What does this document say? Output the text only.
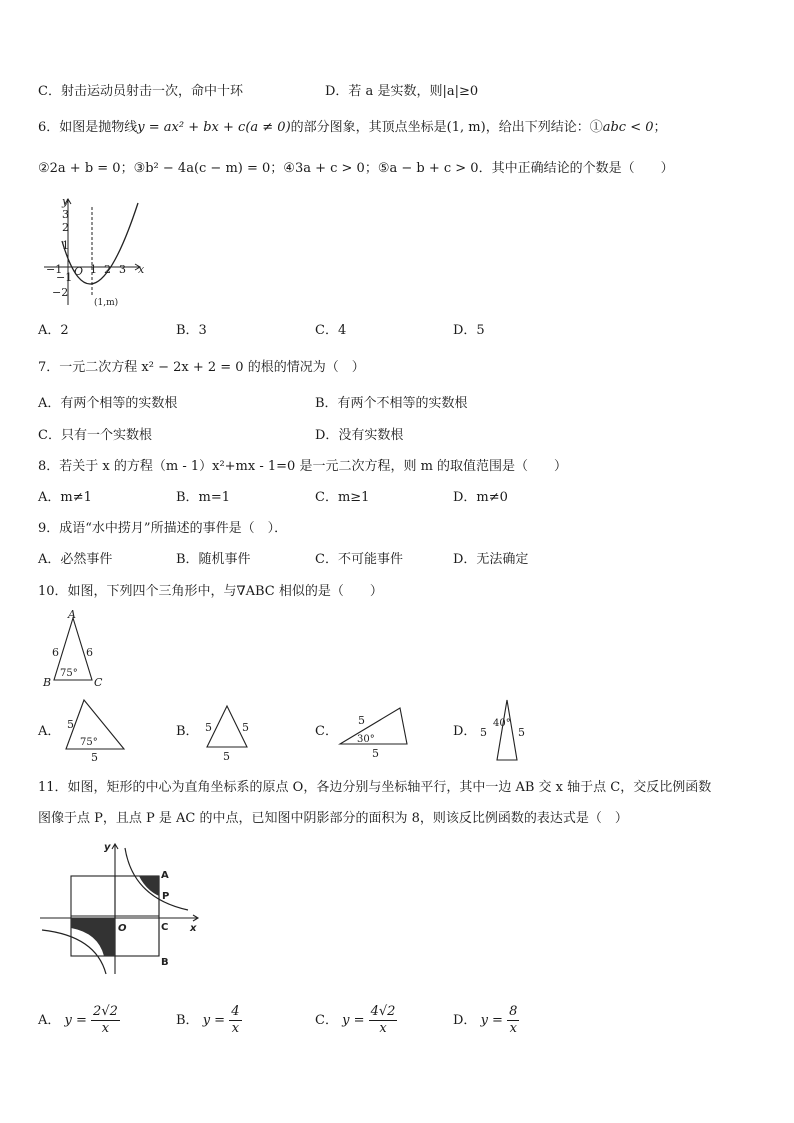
C．射击运动员射击一次，命中十环	D．若 a 是实数，则|a|≥0
6．如图是抛物线y = ax² + bx + c(a ≠ 0)的部分图象，其顶点坐标是(1, m)，给出下列结论：①abc < 0；
②2a + b = 0；③b² − 4a(c − m) = 0；④3a + c > 0；⑤a − b + c > 0．其中正确结论的个数是（　　）
y
x
O
3
2
1
−1
−2
−1	1 2 3
(1,m)
A．2	B．3	C．4	D．5
7．一元二次方程 x² − 2x + 2 = 0 的根的情况为（　）
A．有两个相等的实数根	B．有两个不相等的实数根
C．只有一个实数根	D．没有实数根
8．若关于 x 的方程（m - 1）x²+mx - 1=0 是一元二次方程，则 m 的取值范围是（　　）
A．m≠1	B．m=1	C．m≥1	D．m≠0
9．成语“水中捞月”所描述的事件是（　）．
A．必然事件	B．随机事件	C．不可能事件	D．无法确定
10．如图，下列四个三角形中，与∇ABC 相似的是（　　）
A
B	C
6 6
75°
A． 5
5
75°
B． 5	5
5
C．
5
5
30°
D． 5	5
40°
11．如图，矩形的中心为直角坐标系的原点 O，各边分别与坐标轴平行，其中一边 AB 交 x 轴于点 C，交反比例函数
图像于点 P，且点 P 是 AC 的中点，已知图中阴影部分的面积为 8，则该反比例函数的表达式是（　）
y
x
O
A
P
C
B
A． $y = \frac{2√2}{x}$	B． $y = \frac{4}{x}$	C． $y = \frac{4√2}{x}$	D． $y = \frac{8}{x}$
